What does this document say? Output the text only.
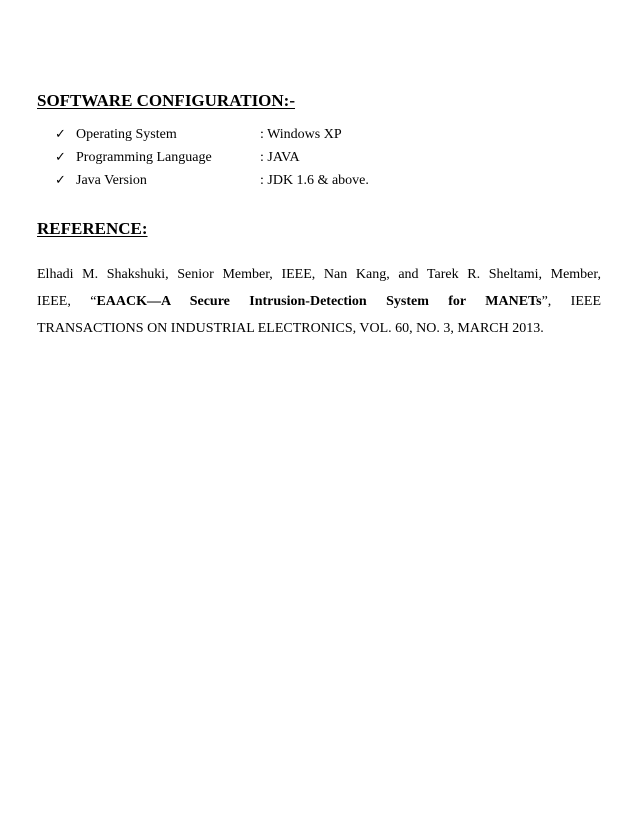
SOFTWARE CONFIGURATION:-
✓ Operating System	: Windows XP
✓ Programming Language	: JAVA
✓ Java Version	: JDK 1.6 & above.
REFERENCE:

Elhadi M. Shakshuki, Senior Member, IEEE, Nan Kang, and Tarek R. Sheltami, Member,
IEEE, “EAACK—A Secure Intrusion-Detection System for MANETs”, IEEE
TRANSACTIONS ON INDUSTRIAL ELECTRONICS, VOL. 60, NO. 3, MARCH 2013.
